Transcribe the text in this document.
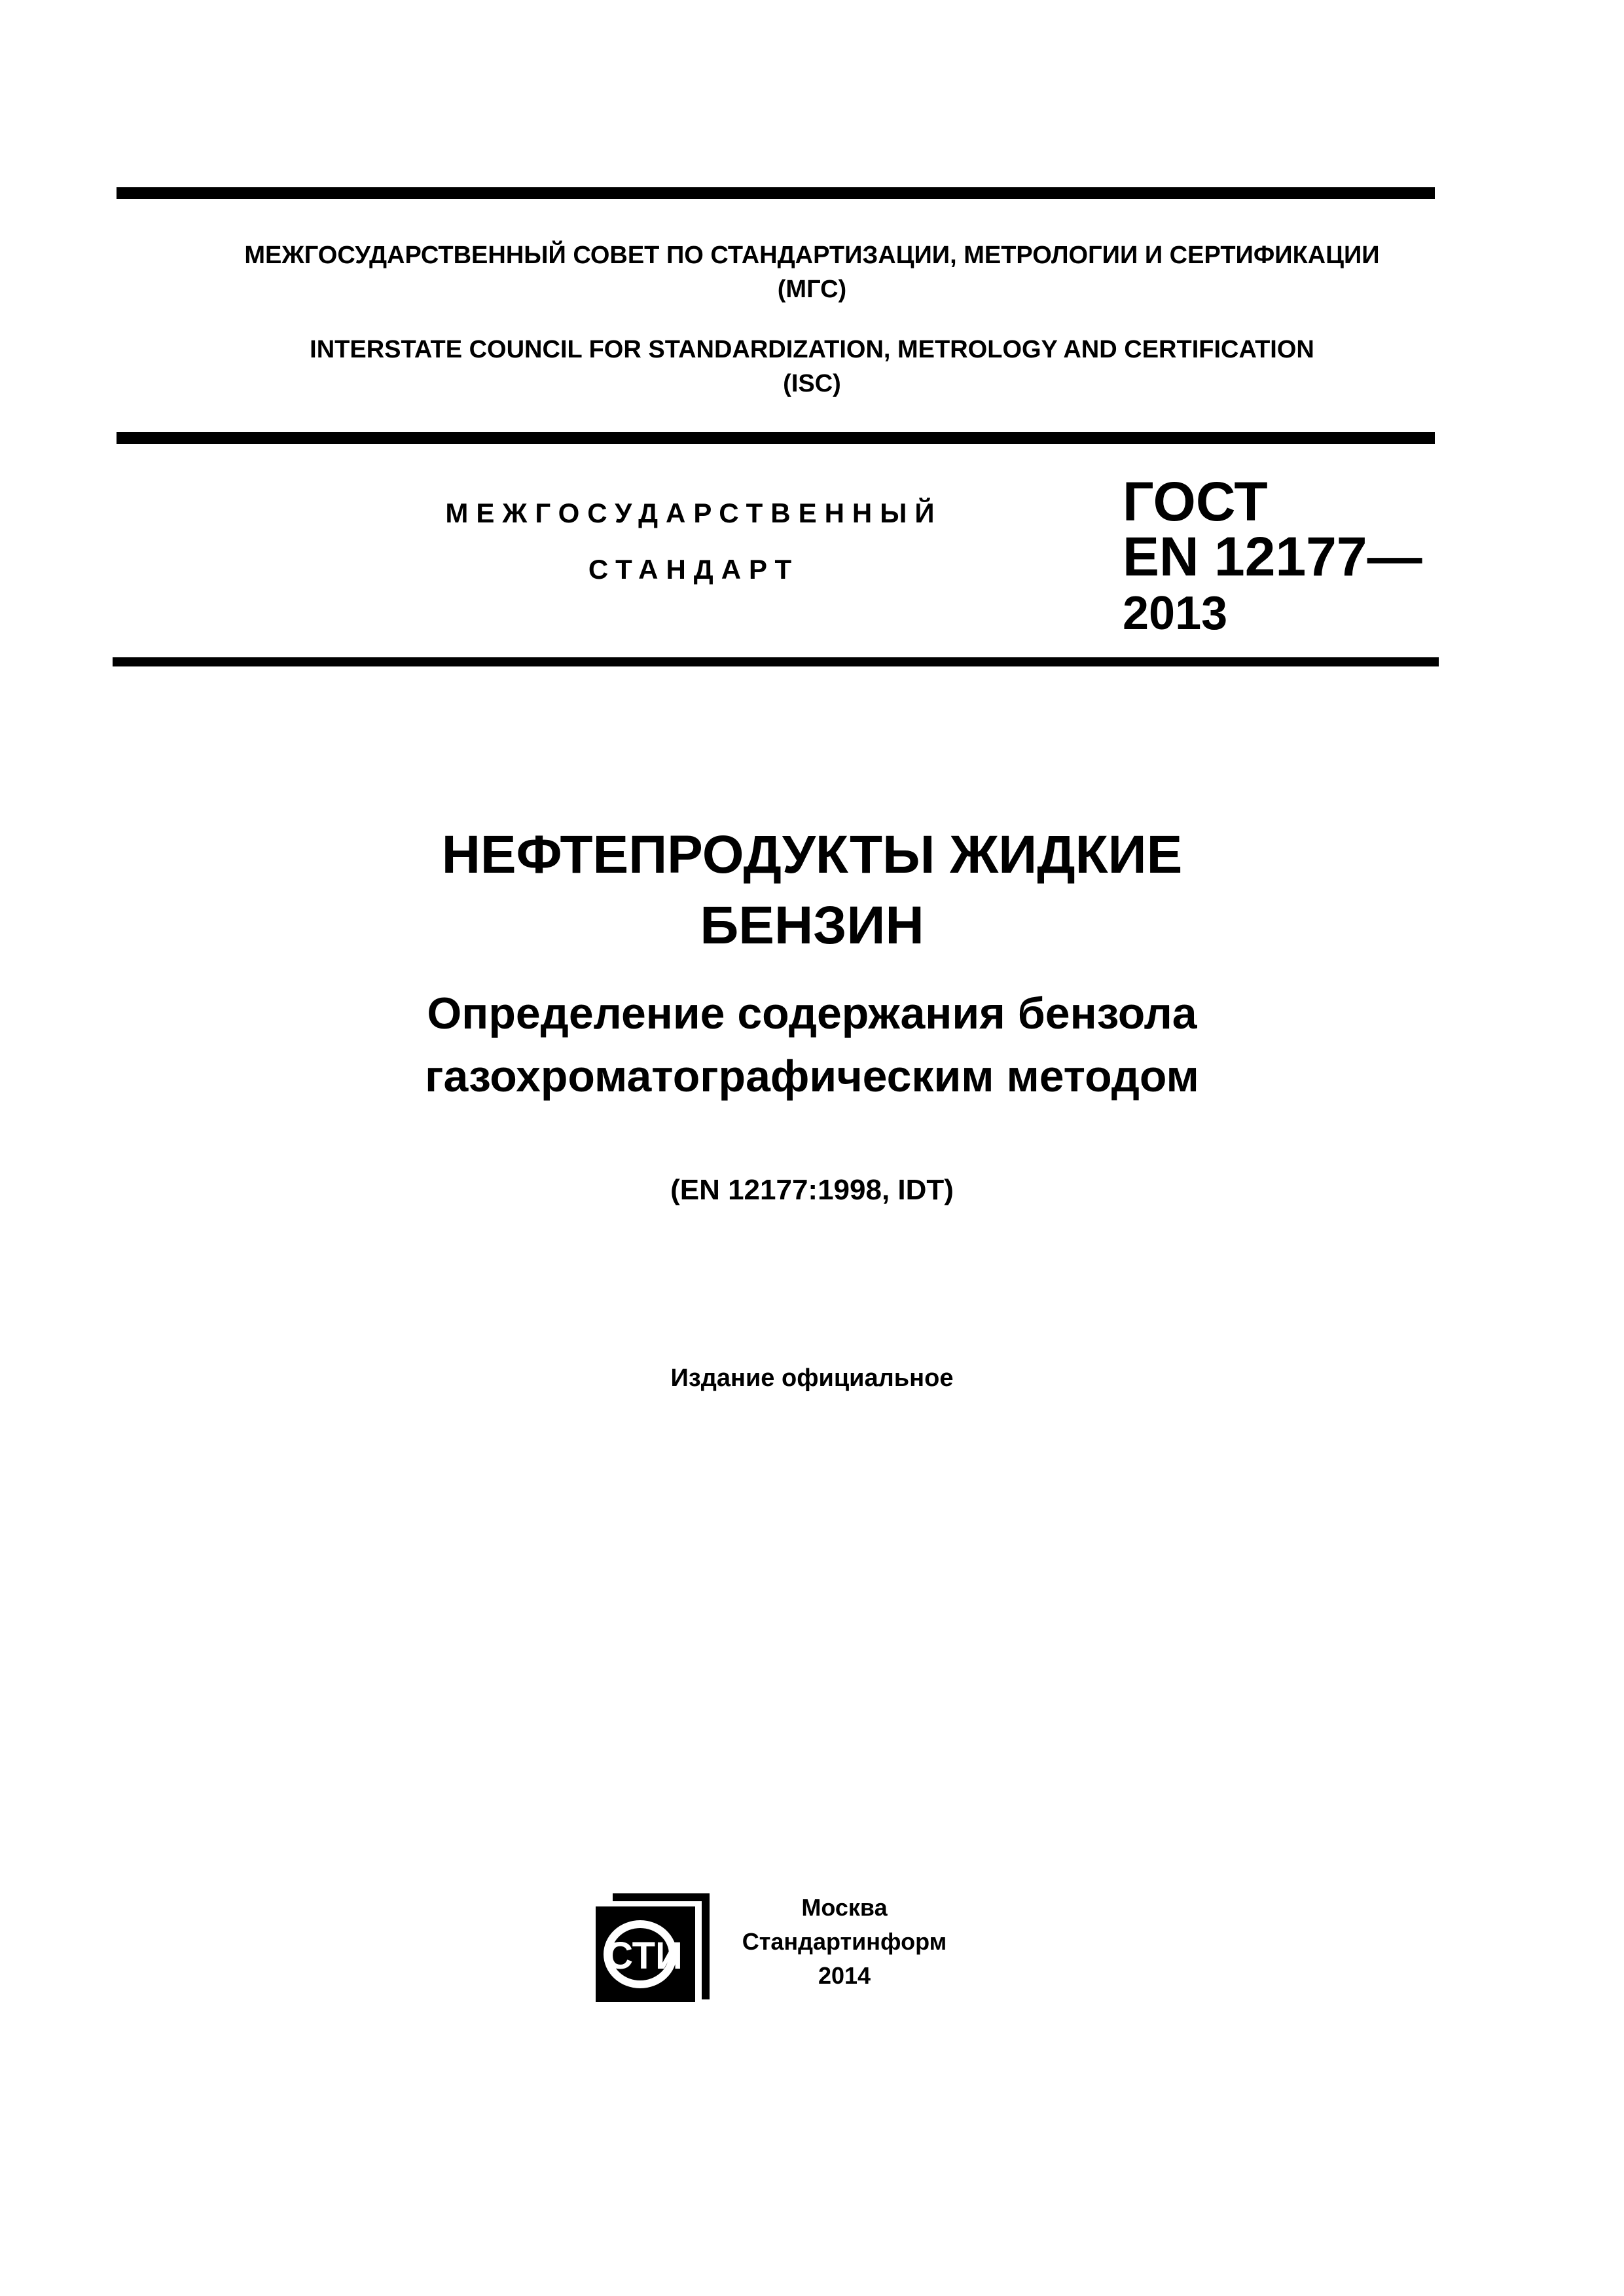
МЕЖГОСУДАРСТВЕННЫЙ СОВЕТ ПО СТАНДАРТИЗАЦИИ, МЕТРОЛОГИИ И СЕРТИФИКАЦИИ
(МГС)
INTERSTATE COUNCIL FOR STANDARDIZATION, METROLOGY AND CERTIFICATION
(ISC)
МЕЖГОСУДАРСТВЕННЫЙ
СТАНДАРТ
ГОСТ
EN 12177—
2013
НЕФТЕПРОДУКТЫ ЖИДКИЕ
БЕНЗИН
Определение содержания бензола
газохроматографическим методом
(EN 12177:1998, IDT)
Издание официальное
СТИ
Москва
Стандартинформ
2014
